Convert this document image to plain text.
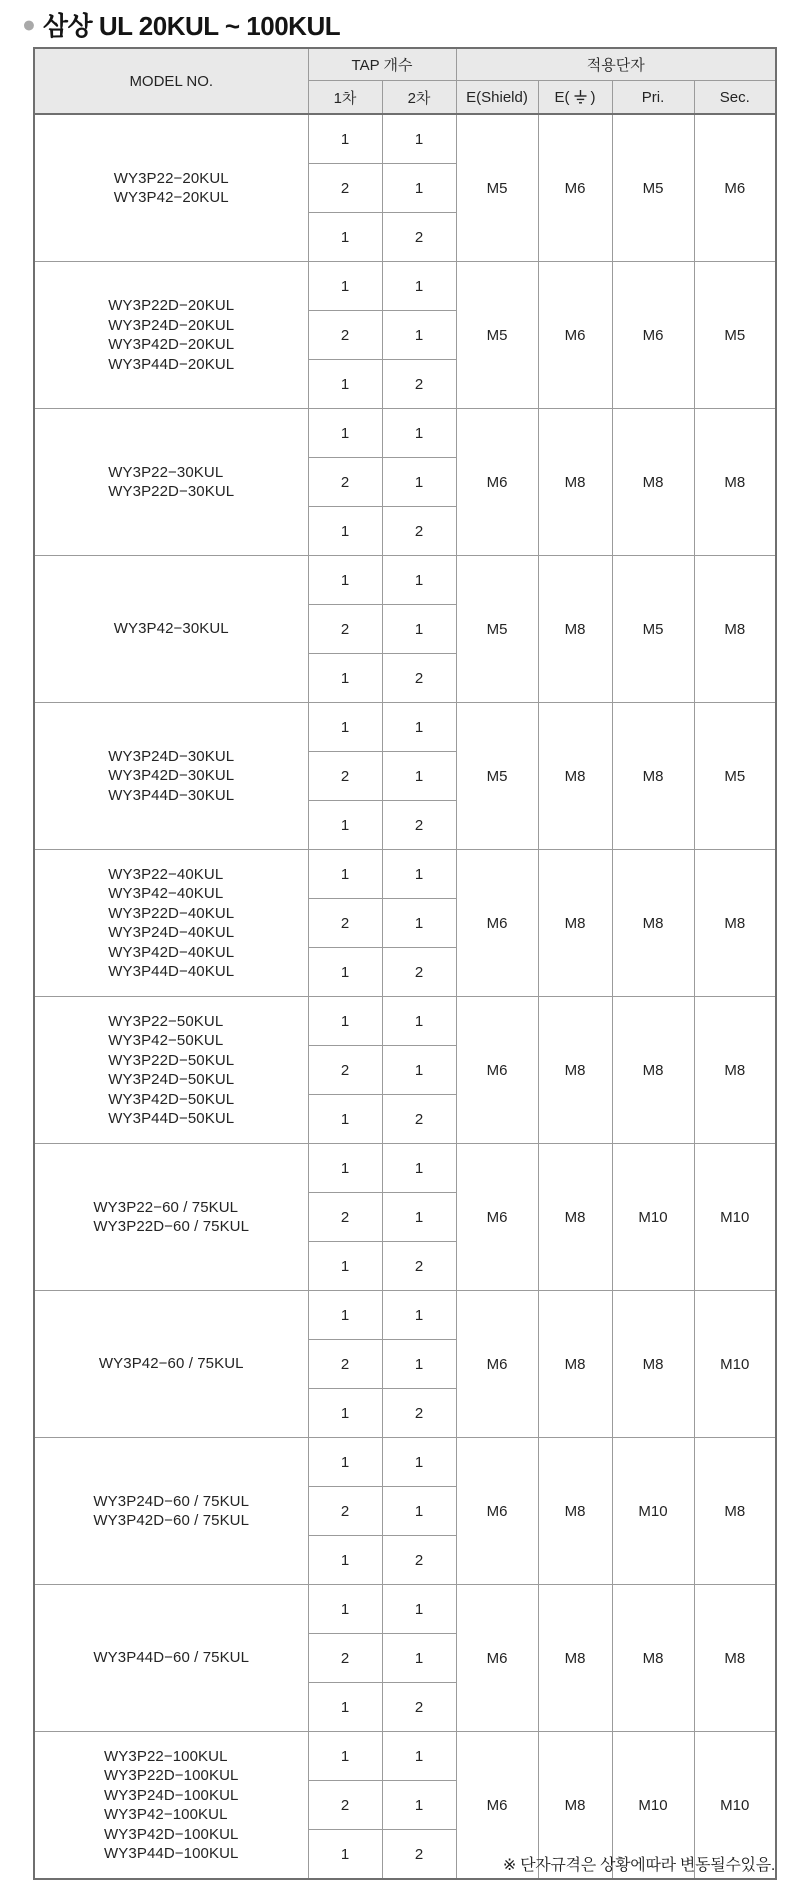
● 삼상 UL 20KUL ~ 100KUL
MODEL NO.	TAP 개수		적용단자			
	1차	2차	E(Shield)	E( )	Pri.	Sec.

WY3P22−20KUL
WY3P42−20KUL	1	1	M5	M6	M5	M6
	2	1				
	1	2				

WY3P22D−20KUL
WY3P24D−20KUL
WY3P42D−20KUL
WY3P44D−20KUL	1	1	M5	M6	M6	M5
	2	1				
	1	2				

WY3P22−30KUL
WY3P22D−30KUL	1	1	M6	M8	M8	M8
	2	1				
	1	2				

WY3P42−30KUL	1	1	M5	M8	M5	M8
	2	1				
	1	2				

WY3P24D−30KUL
WY3P42D−30KUL
WY3P44D−30KUL	1	1	M5	M8	M8	M5
	2	1				
	1	2				

WY3P22−40KUL
WY3P42−40KUL
WY3P22D−40KUL
WY3P24D−40KUL
WY3P42D−40KUL
WY3P44D−40KUL
	1	1	M6	M8	M8	M8
	2	1				
	1	2				

WY3P22−50KUL
WY3P42−50KUL
WY3P22D−50KUL
WY3P24D−50KUL
WY3P42D−50KUL
WY3P44D−50KUL
	1	1	M6	M8	M8	M8
	2	1				
	1	2				

WY3P22−60 / 75KUL
WY3P22D−60 / 75KUL	1	1	M6	M8	M10	M10
	2	1				
	1	2				

WY3P42−60 / 75KUL	1	1	M6	M8	M8	M10
	2	1				
	1	2				

WY3P24D−60 / 75KUL
WY3P42D−60 / 75KUL	1	1	M6	M8	M10	M8
	2	1				
	1	2				

WY3P44D−60 / 75KUL	1	1	M6	M8	M8	M8
	2	1				
	1	2				

WY3P22−100KUL
WY3P22D−100KUL
WY3P24D−100KUL
WY3P42−100KUL
WY3P42D−100KUL
WY3P44D−100KUL
	1	1	M6	M8	M10	M10
	2	1				
	1	2				
※ 단자규격은 상황에따라 변동될수있음.
